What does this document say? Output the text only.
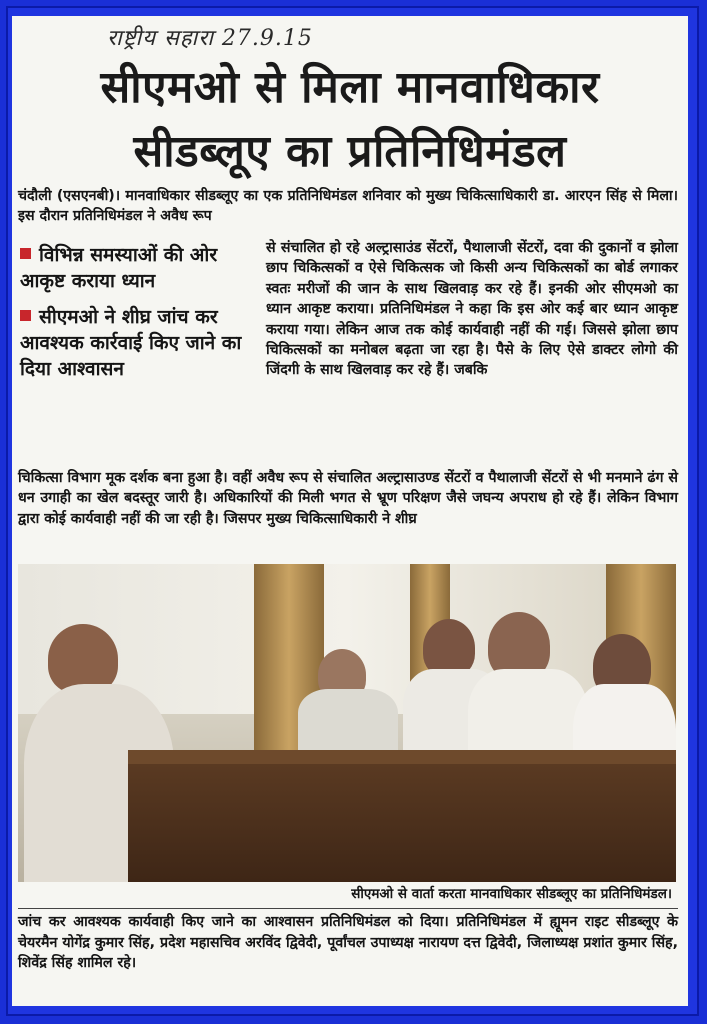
राष्ट्रीय सहारा 27.9.15
सीएमओ से मिला मानवाधिकार
सीडब्लूए का प्रतिनिधिमंडल
चंदौली (एसएनबी)। मानवाधिकार सीडब्लूए का एक प्रतिनिधिमंडल शनिवार को मुख्य चिकित्साधिकारी डा. आरएन सिंह से मिला। इस दौरान प्रतिनिधिमंडल ने अवैध रूप
विभिन्न समस्याओं की ओर आकृष्ट कराया ध्यान
सीएमओ ने शीघ्र जांच कर आवश्यक कार्रवाई किए जाने का दिया आश्वासन
से संचालित हो रहे अल्ट्रासाउंड सेंटरों, पैथालाजी सेंटरों, दवा की दुकानों व झोला छाप चिकित्सकों व ऐसे चिकित्सक जो किसी अन्य चिकित्सकों का बोर्ड लगाकर स्वतः मरीजों की जान के साथ खिलवाड़ कर रहे हैं। इनकी ओर सीएमओ का ध्यान आकृष्ट कराया। प्रतिनिधिमंडल ने कहा कि इस ओर कई बार ध्यान आकृष्ट कराया गया। लेकिन आज तक कोई कार्यवाही नहीं की गई। जिससे झोला छाप चिकित्सकों का मनोबल बढ़ता जा रहा है। पैसे के लिए ऐसे डाक्टर लोगो की जिंदगी के साथ खिलवाड़ कर रहे हैं। जबकि
चिकित्सा विभाग मूक दर्शक बना हुआ है। वहीं अवैध रूप से संचालित अल्ट्रासाउण्ड सेंटरों व पैथालाजी सेंटरों से भी मनमाने ढंग से धन उगाही का खेल बदस्तूर जारी है। अधिकारियों की मिली भगत से भ्रूण परिक्षण जैसे जघन्य अपराध हो रहे हैं। लेकिन विभाग द्वारा कोई कार्यवाही नहीं की जा रही है। जिसपर मुख्य चिकित्साधिकारी ने शीघ्र
सीएमओ से वार्ता करता मानवाधिकार सीडब्लूए का प्रतिनिधिमंडल।
जांच कर आवश्यक कार्यवाही किए जाने का आश्वासन प्रतिनिधिमंडल को दिया। प्रतिनिधिमंडल में ह्यूमन राइट सीडब्लूए के चेयरमैन योगेंद्र कुमार सिंह, प्रदेश महासचिव अरविंद द्विवेदी, पूर्वांचल उपाध्यक्ष नारायण दत्त द्विवेदी, जिलाध्यक्ष प्रशांत कुमार सिंह, शिवेंद्र सिंह शामिल रहे।
